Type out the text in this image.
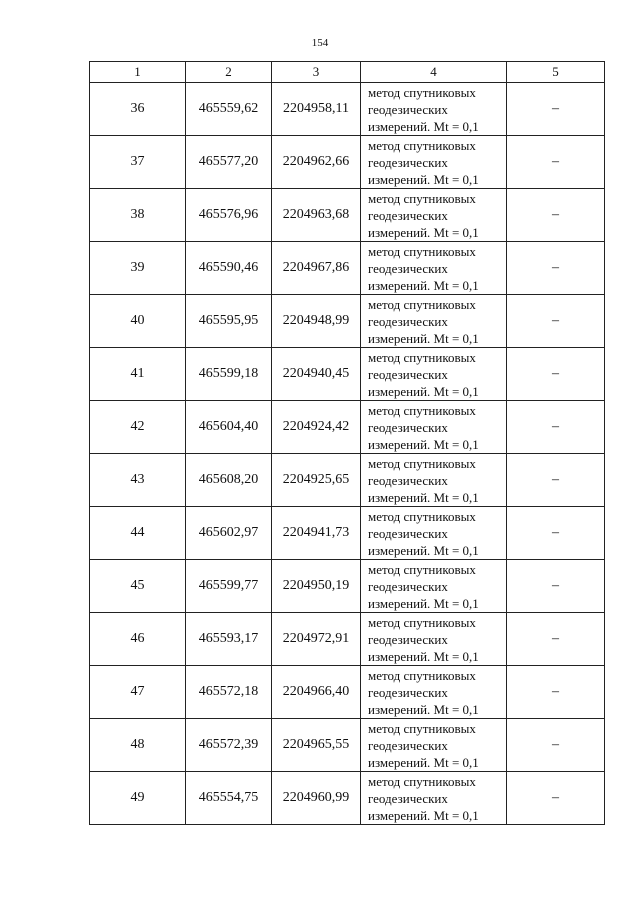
154
1	2	3	4	5
36	465559,62	2204958,11	метод спутниковых геодезических измерений. Mt = 0,1	–
37	465577,20	2204962,66	метод спутниковых геодезических измерений. Mt = 0,1	–
38	465576,96	2204963,68	метод спутниковых геодезических измерений. Mt = 0,1	–
39	465590,46	2204967,86	метод спутниковых геодезических измерений. Mt = 0,1	–
40	465595,95	2204948,99	метод спутниковых геодезических измерений. Mt = 0,1	–
41	465599,18	2204940,45	метод спутниковых геодезических измерений. Mt = 0,1	–
42	465604,40	2204924,42	метод спутниковых геодезических измерений. Mt = 0,1	–
43	465608,20	2204925,65	метод спутниковых геодезических измерений. Mt = 0,1	–
44	465602,97	2204941,73	метод спутниковых геодезических измерений. Mt = 0,1	–
45	465599,77	2204950,19	метод спутниковых геодезических измерений. Mt = 0,1	–
46	465593,17	2204972,91	метод спутниковых геодезических измерений. Mt = 0,1	–
47	465572,18	2204966,40	метод спутниковых геодезических измерений. Mt = 0,1	–
48	465572,39	2204965,55	метод спутниковых геодезических измерений. Mt = 0,1	–
49	465554,75	2204960,99	метод спутниковых геодезических измерений. Mt = 0,1	–
